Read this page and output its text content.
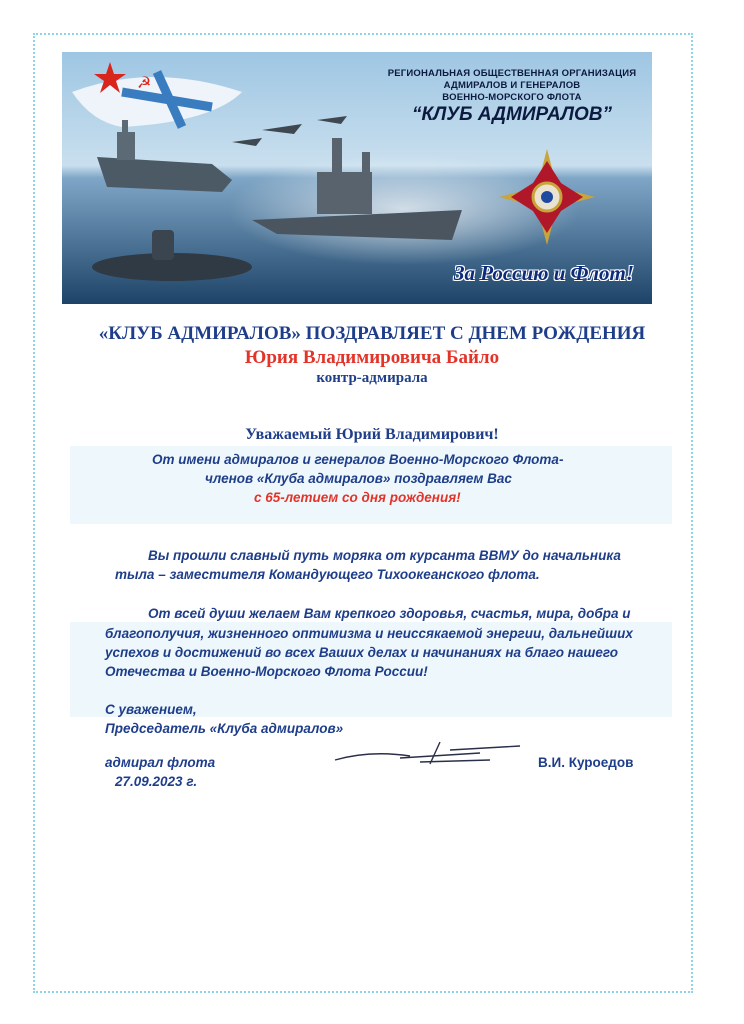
☭	РЕГИОНАЛЬНАЯ ОБЩЕСТВЕННАЯ ОРГАНИЗАЦИЯ
АДМИРАЛОВ И ГЕНЕРАЛОВ
ВОЕННО-МОРСКОГО ФЛОТА
“КЛУБ АДМИРАЛОВ”
За Россию и Флот!
«КЛУБ АДМИРАЛОВ» ПОЗДРАВЛЯЕТ С ДНЕМ РОЖДЕНИЯ
Юрия Владимировича Байло
контр-адмирала
Уважаемый Юрий Владимирович!
От имени адмиралов и генералов Военно-Морского Флота-
членов «Клуба адмиралов» поздравляем Вас
с 65-летием со дня рождения!
Вы прошли славный путь моряка от курсанта ВВМУ до начальника
тыла – заместителя Командующего Тихоокеанского флота.
От всей души желаем Вам крепкого здоровья, счастья, мира, добра и
благополучия, жизненного оптимизма и неиссякаемой энергии, дальнейших
успехов и достижений во всех Ваших делах и начинаниях на благо нашего
Отечества и Военно-Морского Флота России!
С уважением,
Председатель «Клуба адмиралов»
адмирал флота
27.09.2023 г.
В.И. Куроедов
